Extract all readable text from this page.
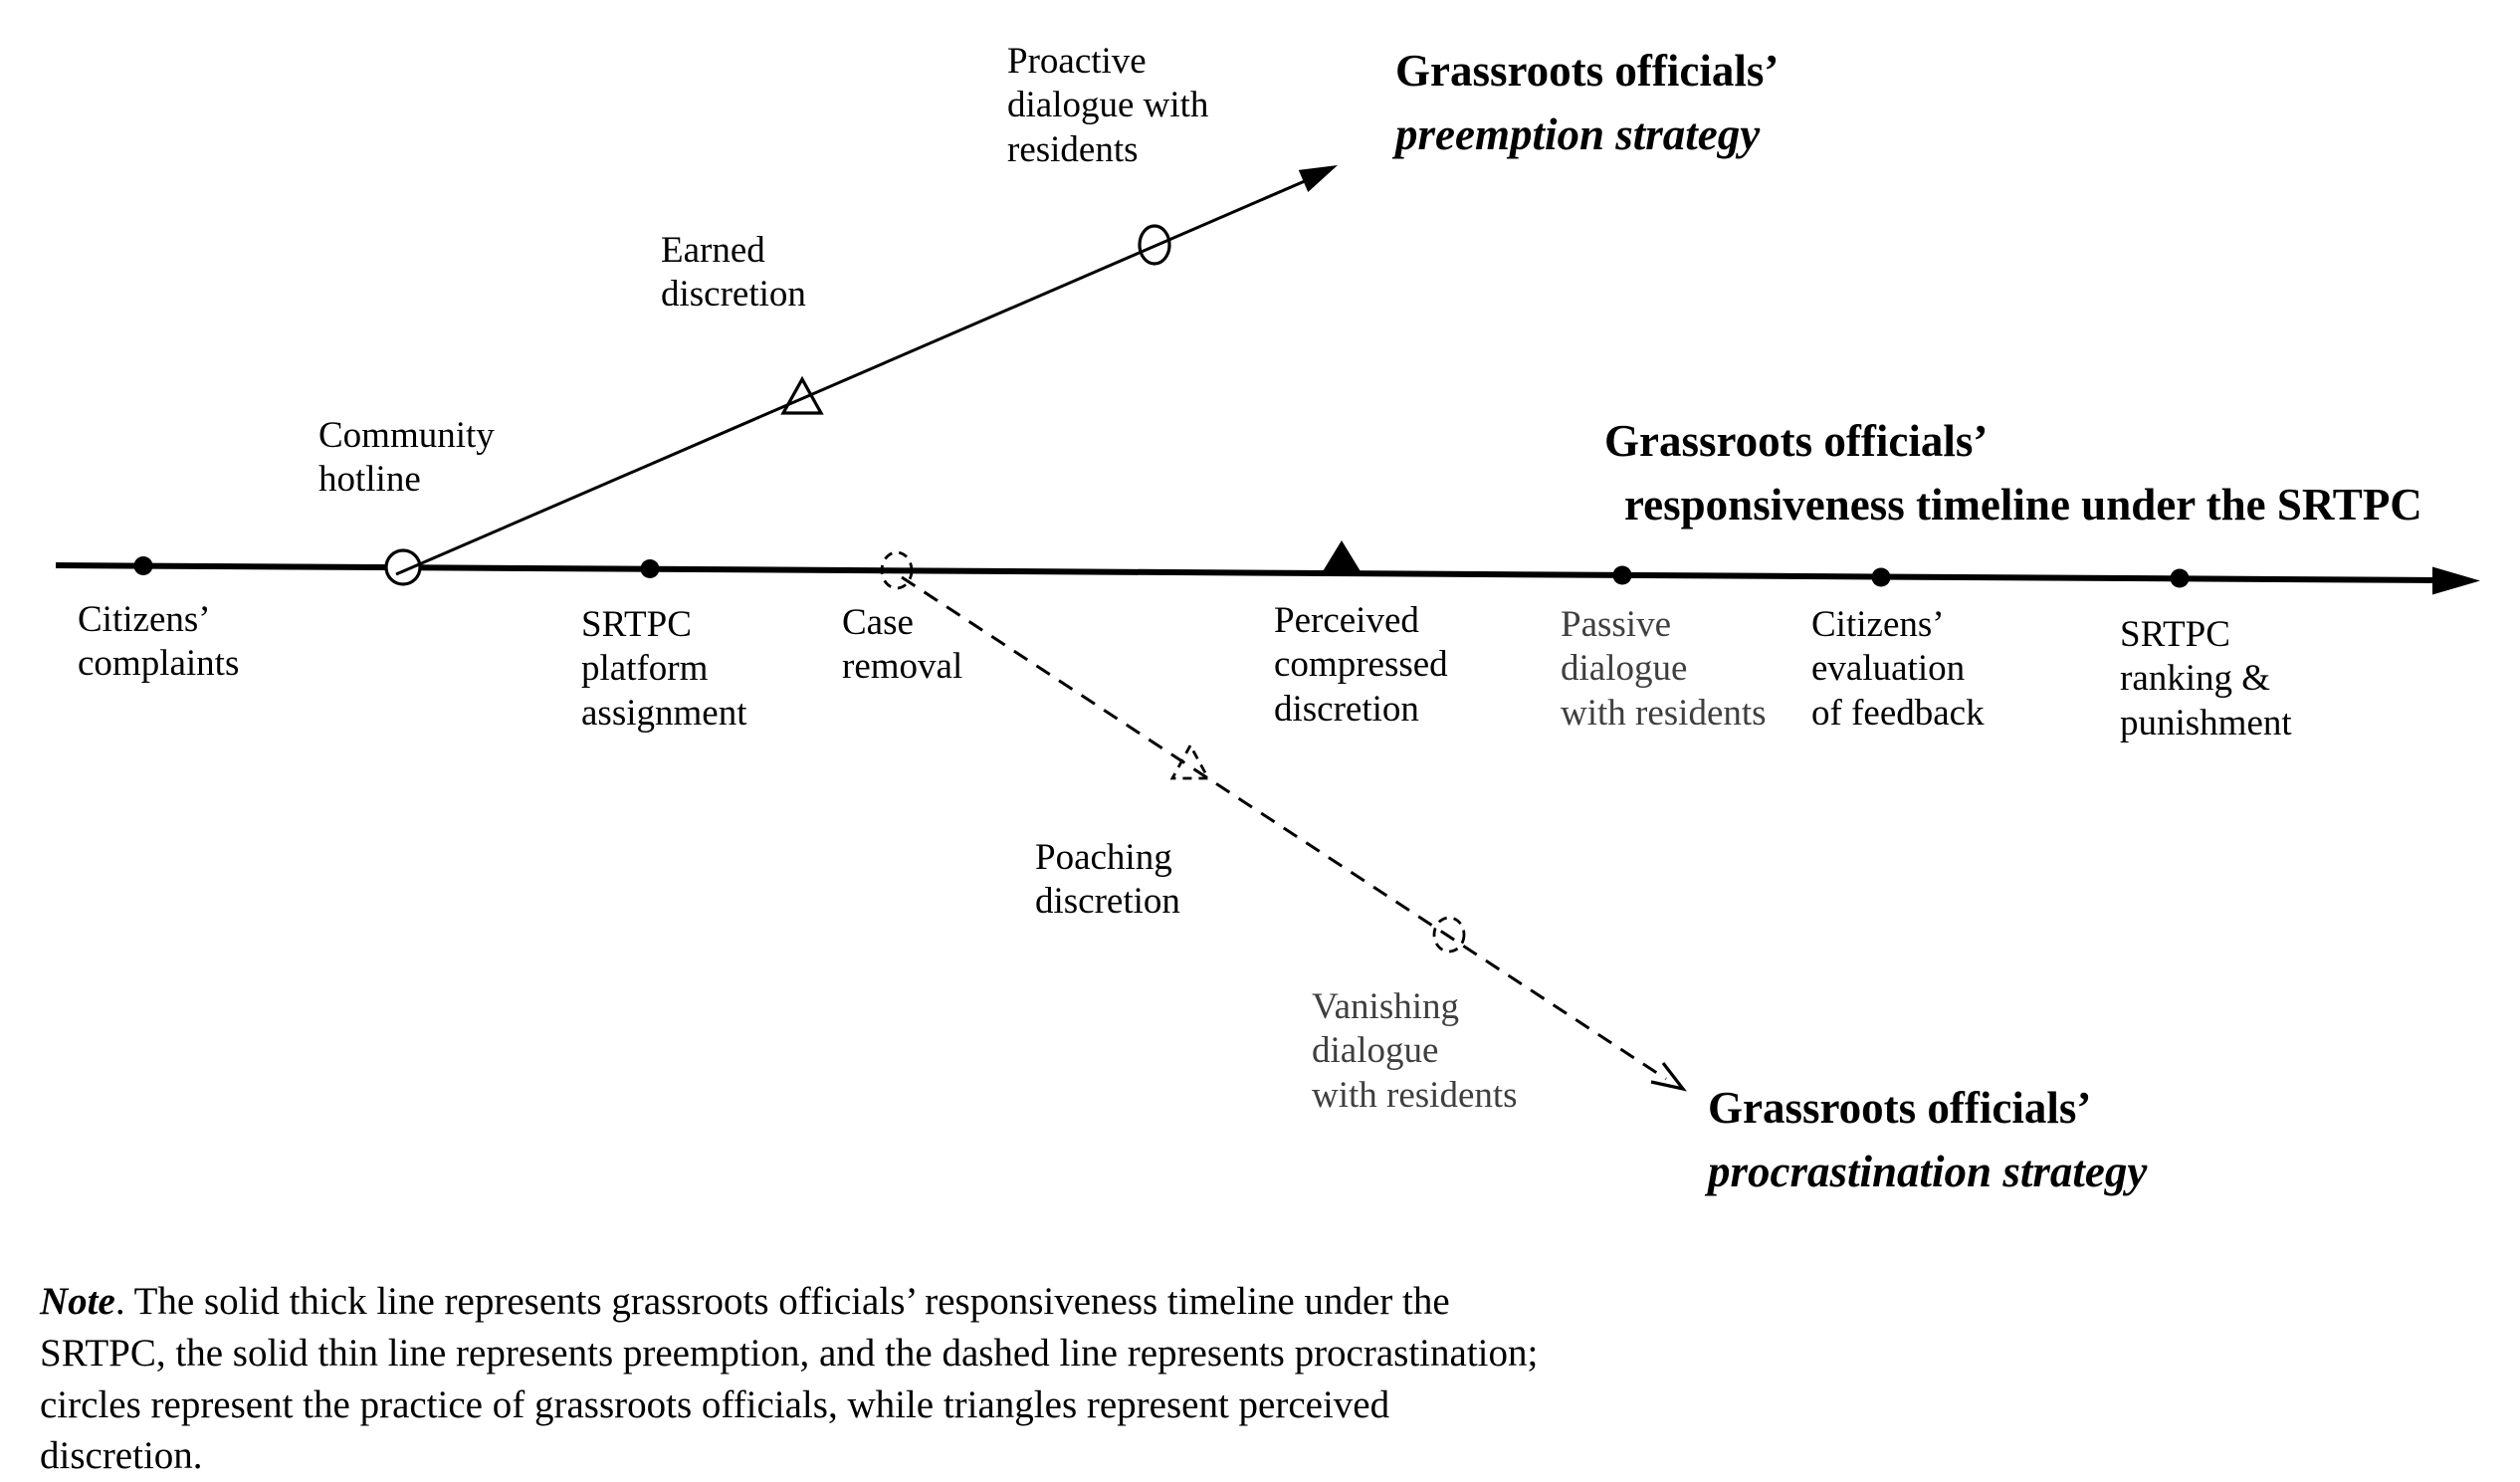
Grassroots officials’
preemption strategy
Grassroots officials’
responsiveness timeline under the SRTPC
Grassroots officials’
procrastination strategy
Proactive
dialogue with
residents
Earned
discretion
Community
hotline
Citizens’
complaints
SRTPC
platform
assignment
Case
removal
Perceived
compressed
discretion
Passive
dialogue
with residents
Citizens’
evaluation
of feedback
SRTPC
ranking &
punishment
Poaching
discretion
Vanishing
dialogue
with residents

Note. The solid thick line represents grassroots officials’ responsiveness timeline under the
SRTPC, the solid thin line represents preemption, and the dashed line represents procrastination;
circles represent the practice of grassroots officials, while triangles represent perceived
discretion.
